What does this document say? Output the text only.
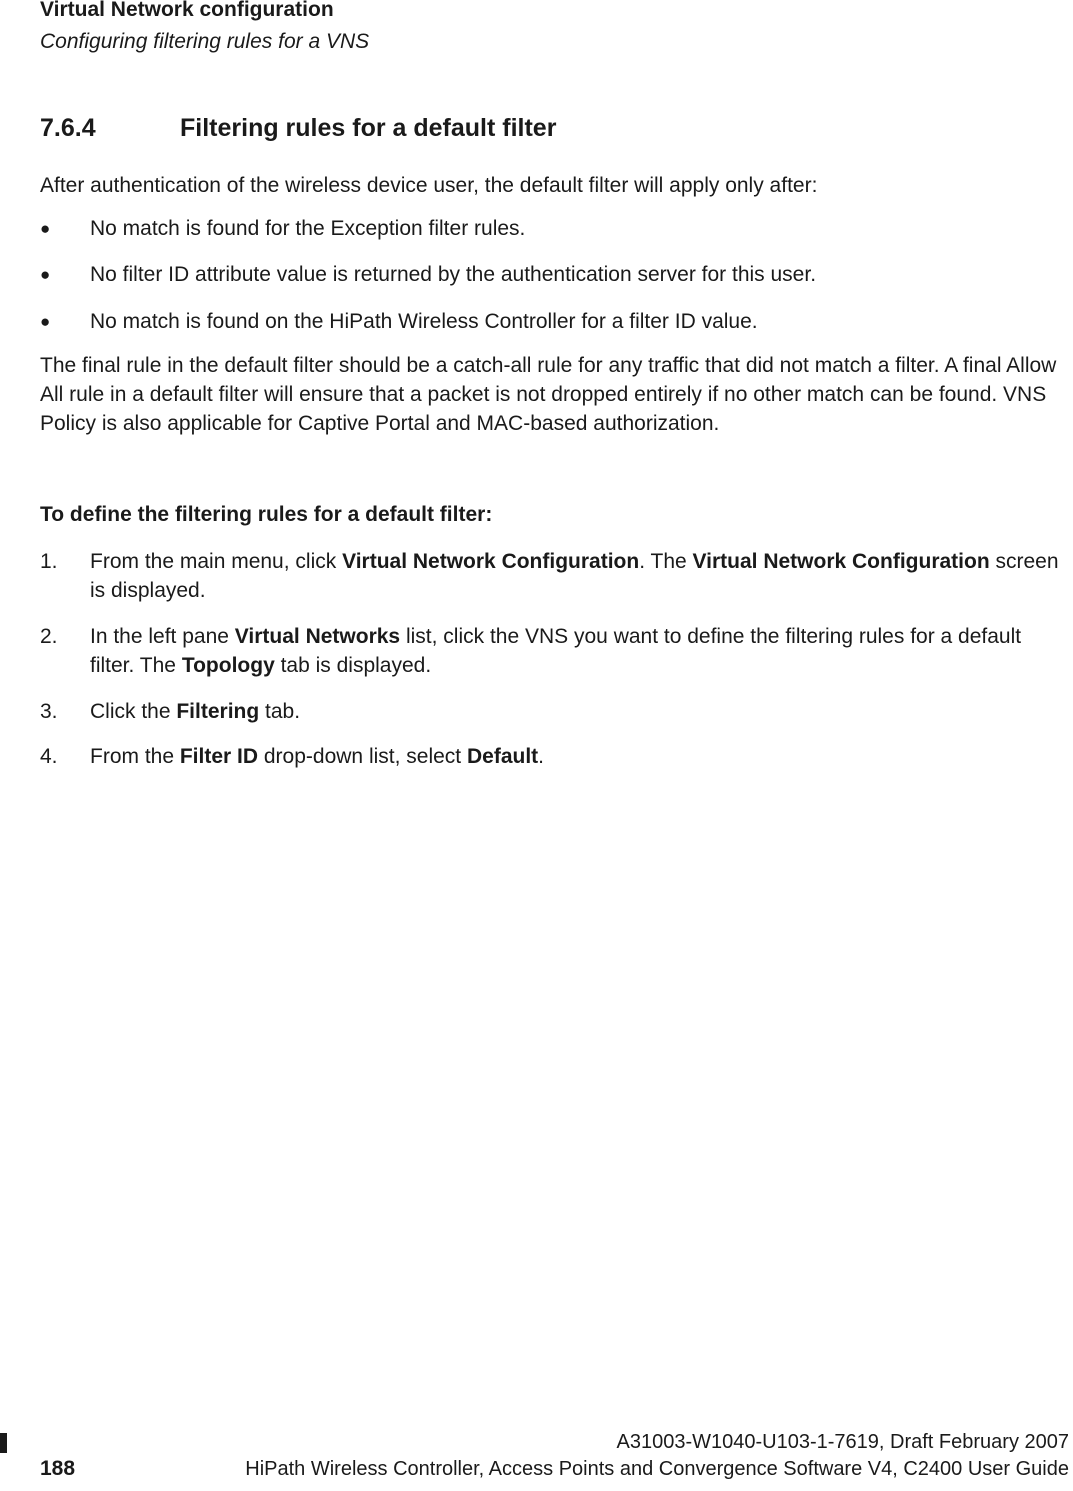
Virtual Network configuration
Configuring filtering rules for a VNS
7.6.4	Filtering rules for a default filter
After authentication of the wireless device user, the default filter will apply only after:
● No match is found for the Exception filter rules.
● No filter ID attribute value is returned by the authentication server for this user.
● No match is found on the HiPath Wireless Controller for a filter ID value.
The final rule in the default filter should be a catch-all rule for any traffic that did not match a filter. A final Allow All rule in a default filter will ensure that a packet is not dropped entirely if no other match can be found. VNS Policy is also applicable for Captive Portal and MAC-based authorization.
To define the filtering rules for a default filter:
1. From the main menu, click Virtual Network Configuration. The Virtual Network Configuration screen is displayed.
2. In the left pane Virtual Networks list, click the VNS you want to define the filtering rules for a default filter. The Topology tab is displayed.
3. Click the Filtering tab.
4. From the Filter ID drop-down list, select Default.
A31003-W1040-U103-1-7619, Draft February 2007
188	HiPath Wireless Controller, Access Points and Convergence Software V4, C2400 User Guide
